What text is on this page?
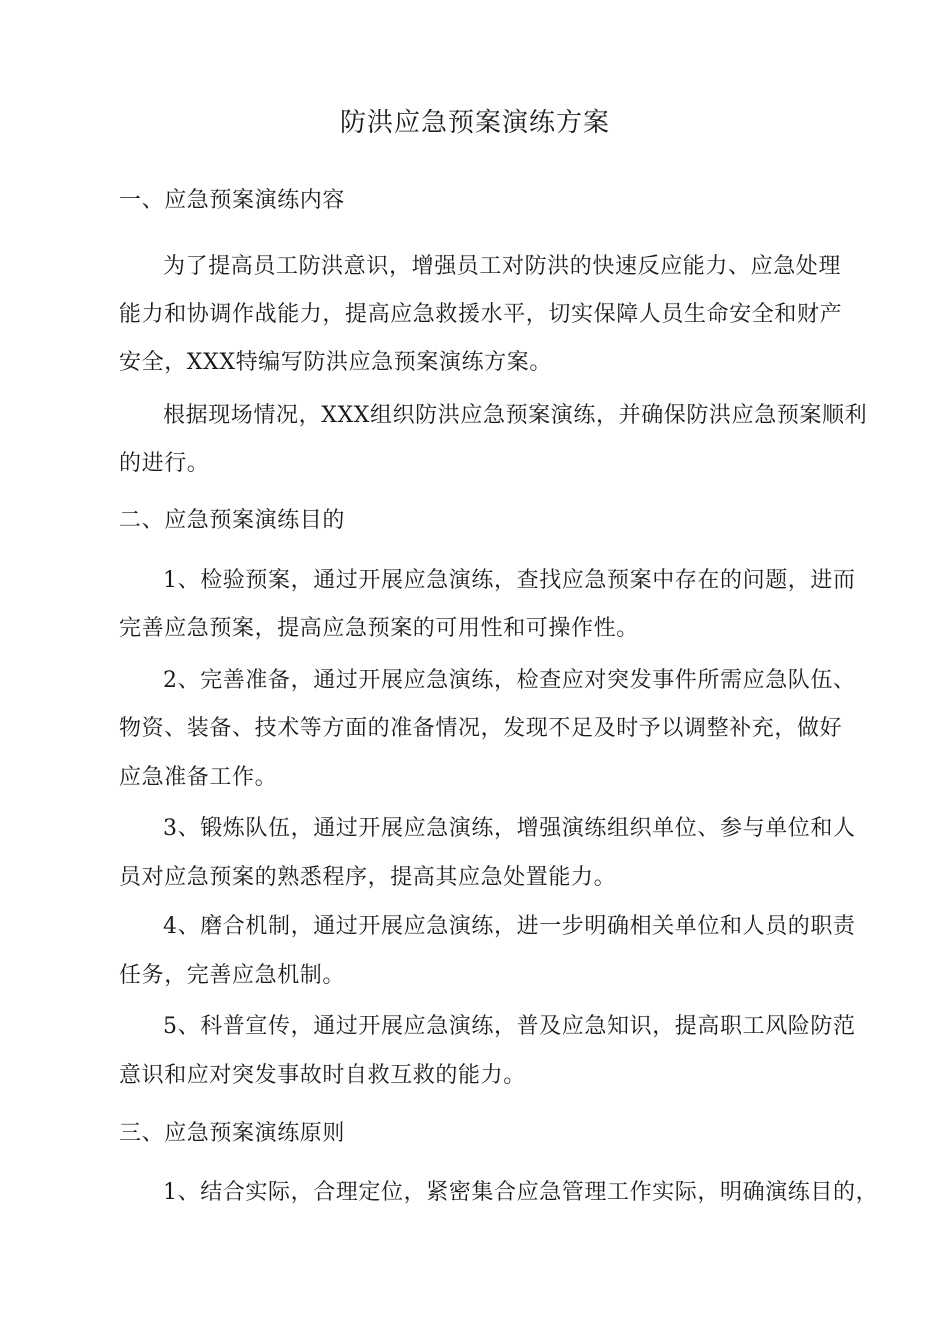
防洪应急预案演练方案
一、应急预案演练内容
为了提高员工防洪意识，增强员工对防洪的快速反应能力、应急处理
能力和协调作战能力，提高应急救援水平，切实保障人员生命安全和财产
安全，XXX特编写防洪应急预案演练方案。
根据现场情况，XXX组织防洪应急预案演练，并确保防洪应急预案顺利
的进行。
二、应急预案演练目的
1、检验预案，通过开展应急演练，查找应急预案中存在的问题，进而
完善应急预案，提高应急预案的可用性和可操作性。
2、完善准备，通过开展应急演练，检查应对突发事件所需应急队伍、
物资、装备、技术等方面的准备情况，发现不足及时予以调整补充，做好
应急准备工作。
3、锻炼队伍，通过开展应急演练，增强演练组织单位、参与单位和人
员对应急预案的熟悉程序，提高其应急处置能力。
4、磨合机制，通过开展应急演练，进一步明确相关单位和人员的职责
任务，完善应急机制。
5、科普宣传，通过开展应急演练，普及应急知识，提高职工风险防范
意识和应对突发事故时自救互救的能力。
三、应急预案演练原则
1、结合实际，合理定位，紧密集合应急管理工作实际，明确演练目的，
